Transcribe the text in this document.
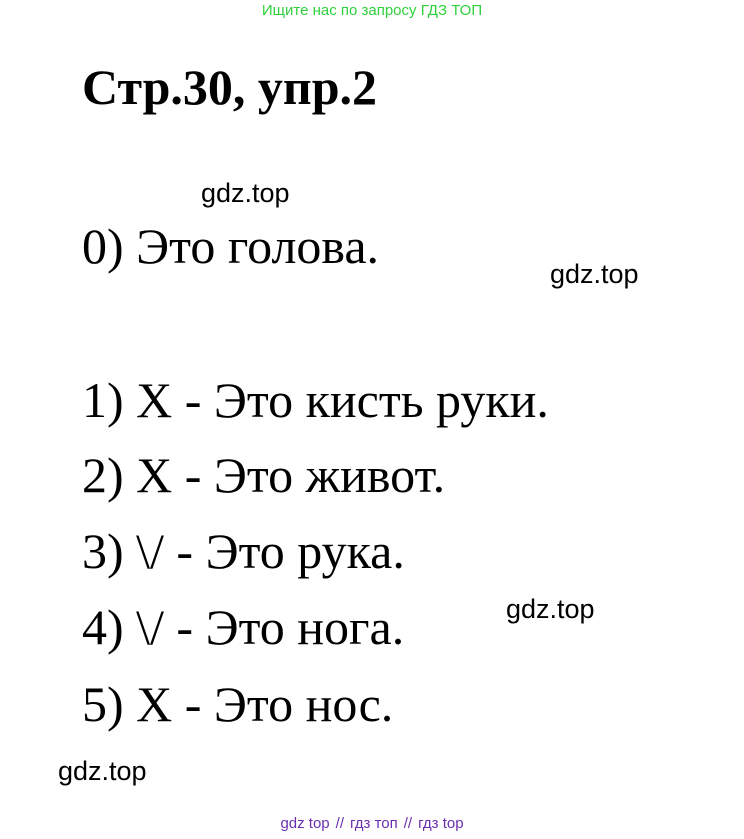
Ищите нас по запросу ГДЗ ТОП
Стр.30, упр.2
gdz.top
gdz.top
gdz.top
gdz.top

0) Это голова.

1) X - Это кисть руки.

2) X - Это живот.

3) \/ - Это рука.

4) \/ - Это нога.

5) X - Это нос.

gdz top // гдз топ // гдз top
